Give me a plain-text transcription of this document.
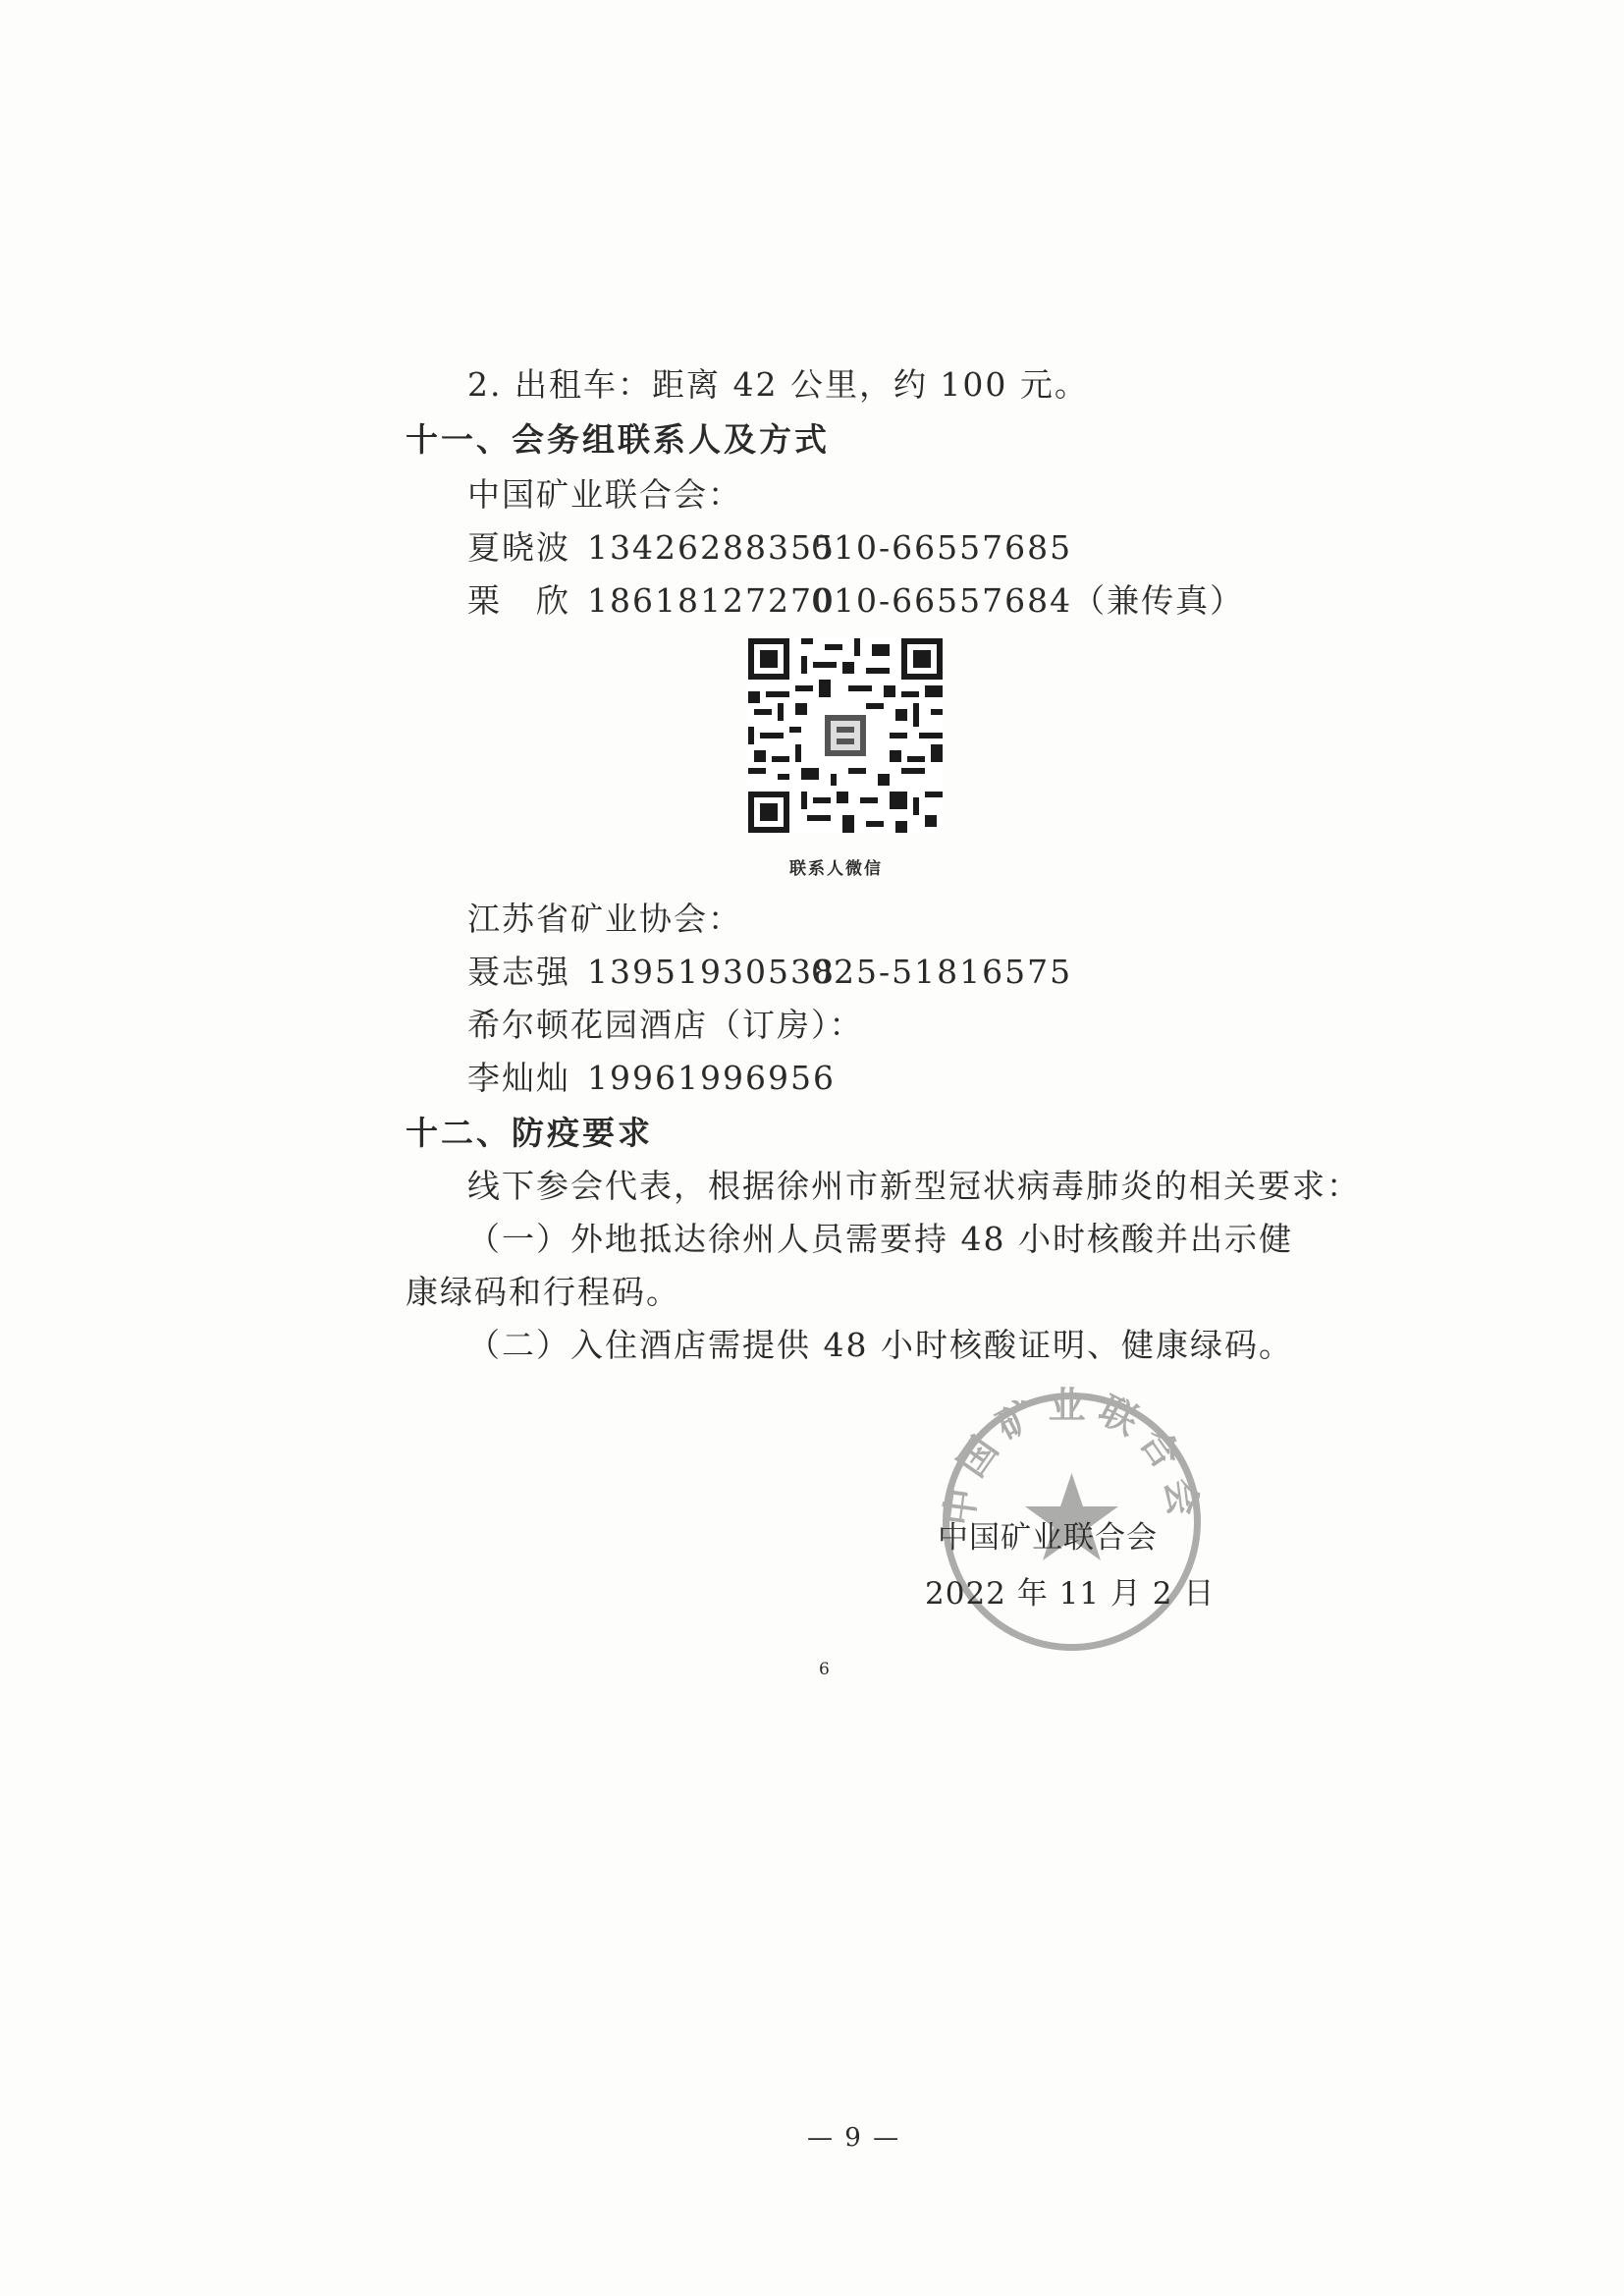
2. 出租车：距离 42 公里，约 100 元。
十一、会务组联系人及方式
中国矿业联合会：
夏晓波 13426288355010-66557685
栗　欣 18618127270010-66557684（兼传真）
联系人微信
江苏省矿业协会：
聂志强 13951930538025-51816575
希尔顿花园酒店（订房）：
李灿灿 19961996956
十二、防疫要求
线下参会代表，根据徐州市新型冠状病毒肺炎的相关要求：
（一）外地抵达徐州人员需要持 48 小时核酸并出示健
康绿码和行程码。
（二）入住酒店需提供 48 小时核酸证明、健康绿码。
中国矿业联合会
中国矿业联合会
2022 年 11 月 2 日
6
— 9 —
